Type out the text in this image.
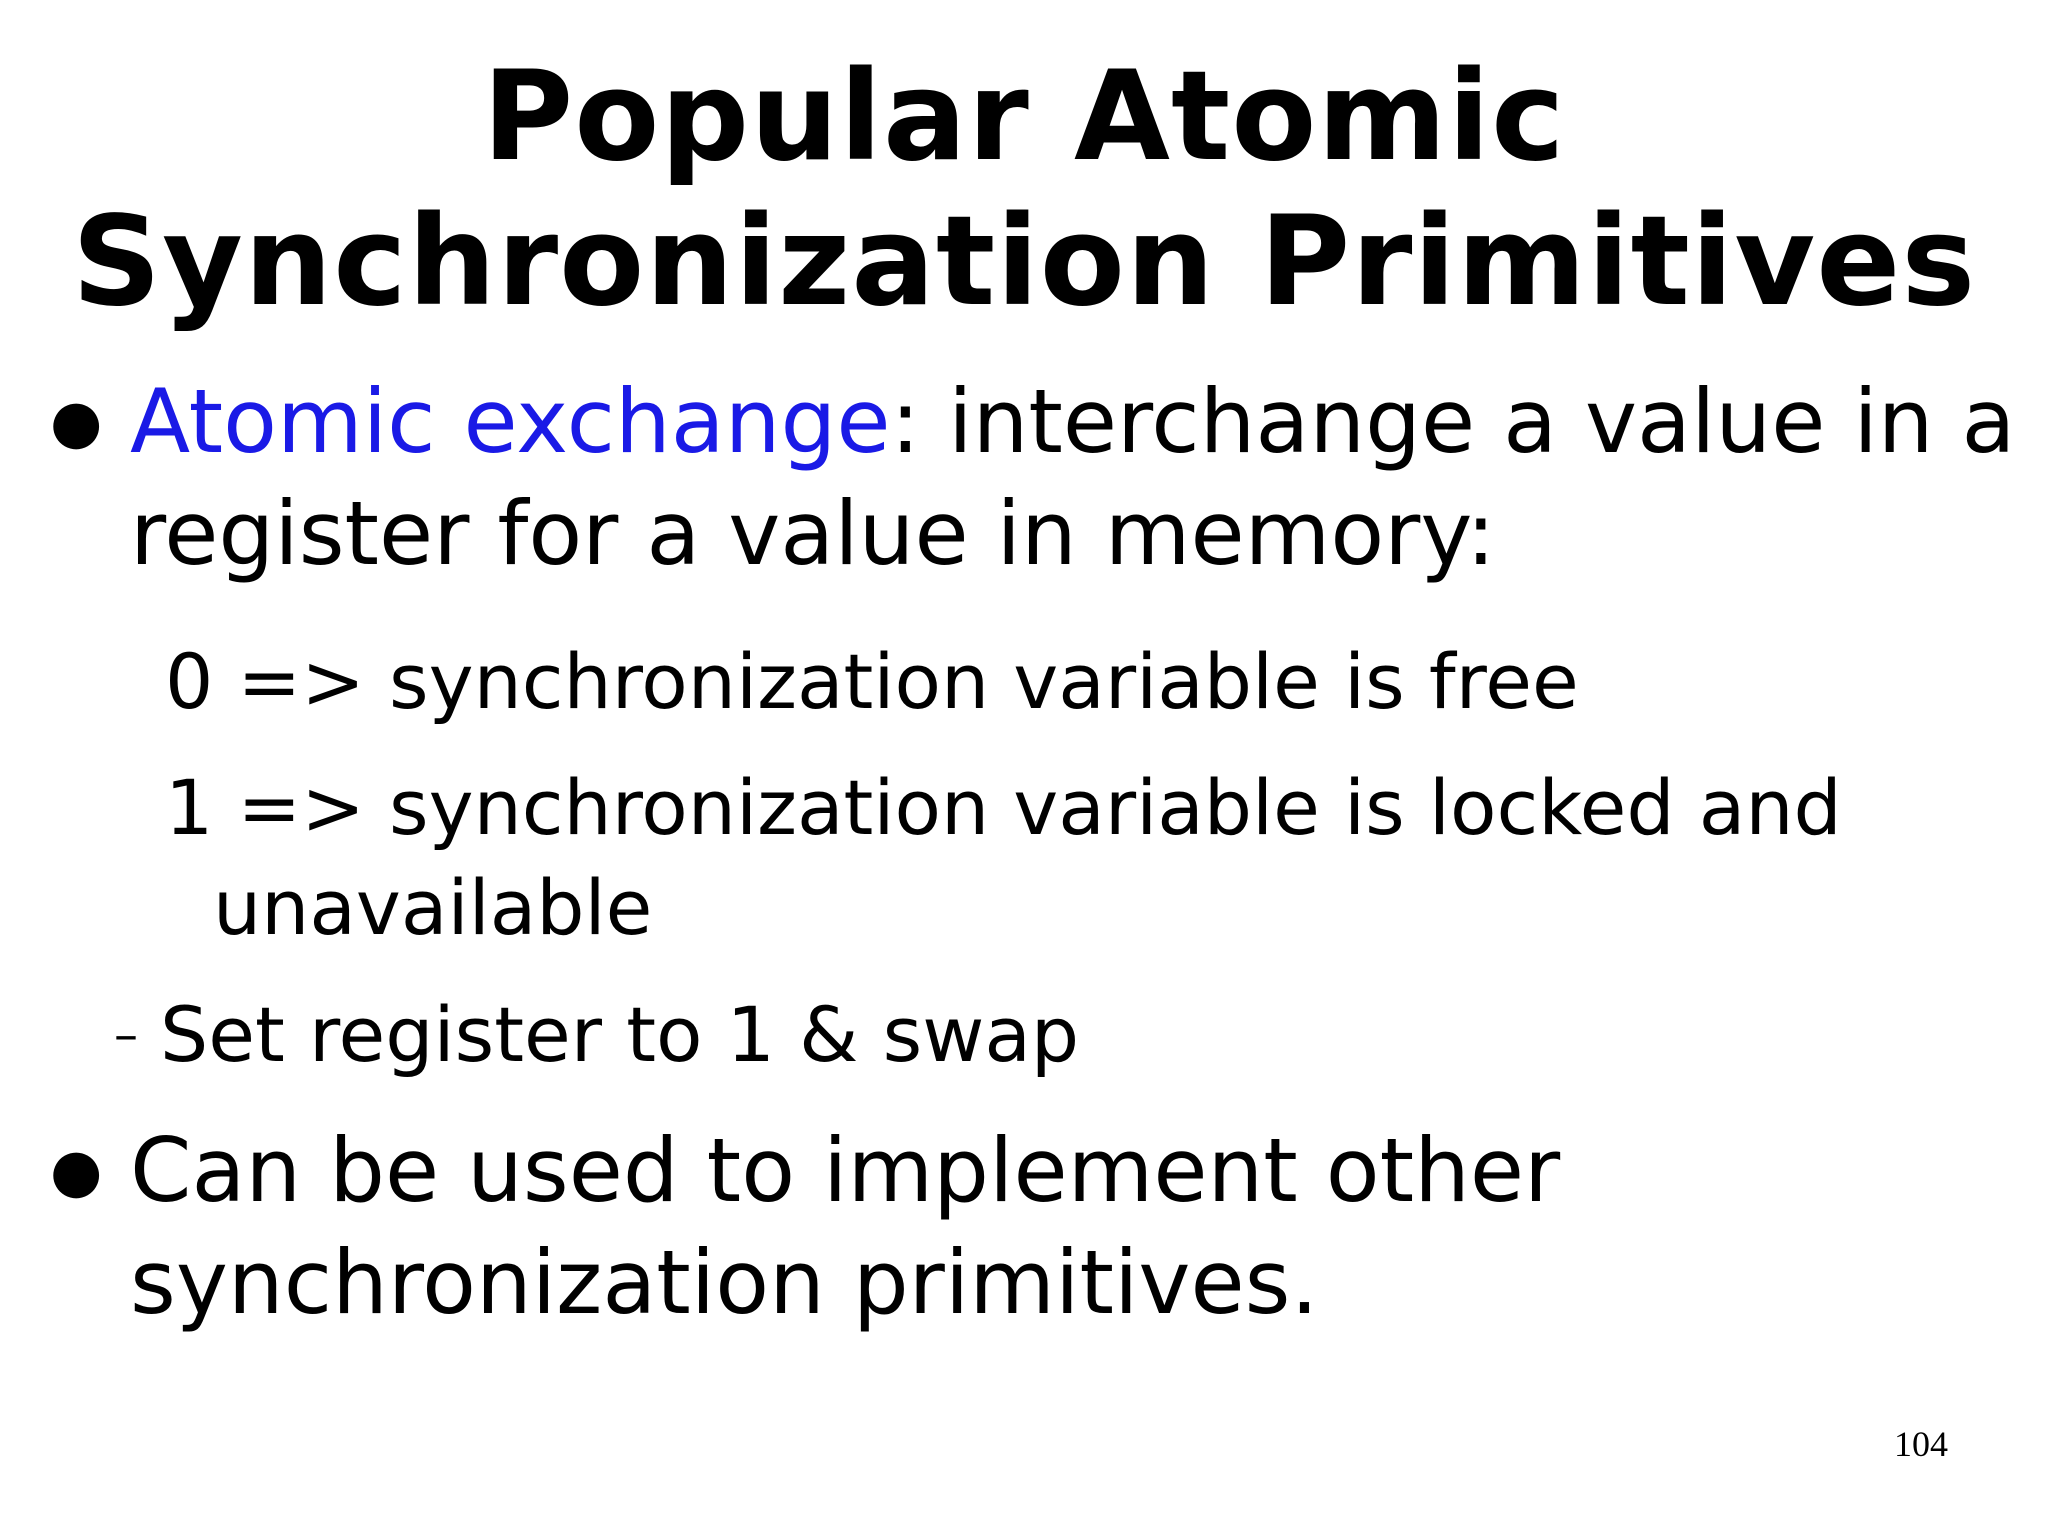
Popular Atomic
Synchronization Primitives
● Atomic exchange: interchange a value in a
register for a value in memory:
0 => synchronization variable is free
1 => synchronization variable is locked and
unavailable
– Set register to 1 & swap
● Can be used to implement other
synchronization primitives.
104
